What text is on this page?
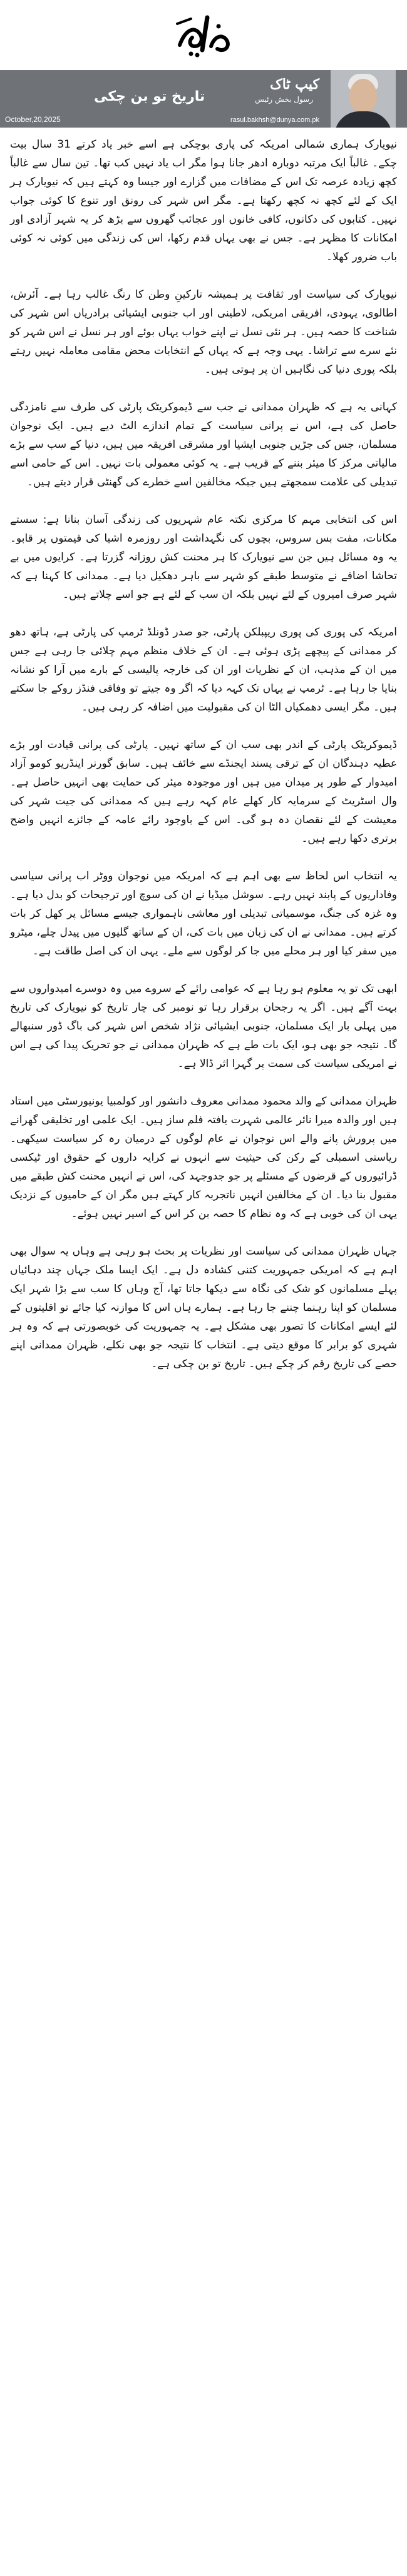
کیپ ٹاک
رسول بخش رئیس
تاریخ تو بن چکی
October,20,2025	rasul.bakhsh@dunya.com.pk

نیویارک ہماری شمالی امریکہ کی پاری بوچکی ہے اسے خبر یاد کرتے 31 سال بیت چکے۔ غالباً ایک مرتبہ دوبارہ ادھر جانا ہوا مگر اب یاد نہیں کب تھا۔ تین سال سے غالباً کچھ زیادہ عرصہ تک اس کے مضافات میں گزارے اور جیسا وہ کہتے ہیں کہ نیویارک ہر ایک کے لئے کچھ نہ کچھ رکھتا ہے۔ مگر اس شہر کی رونق اور تنوع کا کوئی جواب نہیں۔ کتابوں کی دکانوں، کافی خانوں اور عجائب گھروں سے بڑھ کر یہ شہر آزادی اور امکانات کا مظہر ہے۔ جس نے بھی یہاں قدم رکھا، اس کی زندگی میں کوئی نہ کوئی باب ضرور کھلا۔

نیویارک کی سیاست اور ثقافت پر ہمیشہ تارکینِ وطن کا رنگ غالب رہا ہے۔ آئرش، اطالوی، یہودی، افریقی امریکی، لاطینی اور اب جنوبی ایشیائی برادریاں اس شہر کی شناخت کا حصہ ہیں۔ ہر نئی نسل نے اپنے خواب یہاں بوئے اور ہر نسل نے اس شہر کو نئے سرے سے تراشا۔ یہی وجہ ہے کہ یہاں کے انتخابات محض مقامی معاملہ نہیں رہتے بلکہ پوری دنیا کی نگاہیں ان پر ہوتی ہیں۔

کہانی یہ ہے کہ ظہران ممدانی نے جب سے ڈیموکریٹک پارٹی کی طرف سے نامزدگی حاصل کی ہے، اس نے پرانی سیاست کے تمام اندازے الٹ دیے ہیں۔ ایک نوجوان مسلمان، جس کی جڑیں جنوبی ایشیا اور مشرقی افریقہ میں ہیں، دنیا کے سب سے بڑے مالیاتی مرکز کا میئر بننے کے قریب ہے۔ یہ کوئی معمولی بات نہیں۔ اس کے حامی اسے تبدیلی کی علامت سمجھتے ہیں جبکہ مخالفین اسے خطرے کی گھنٹی قرار دیتے ہیں۔

اس کی انتخابی مہم کا مرکزی نکتہ عام شہریوں کی زندگی آسان بنانا ہے: سستے مکانات، مفت بس سروس، بچوں کی نگہداشت اور روزمرہ اشیا کی قیمتوں پر قابو۔ یہ وہ مسائل ہیں جن سے نیویارک کا ہر محنت کش روزانہ گزرتا ہے۔ کرایوں میں بے تحاشا اضافے نے متوسط طبقے کو شہر سے باہر دھکیل دیا ہے۔ ممدانی کا کہنا ہے کہ شہر صرف امیروں کے لئے نہیں بلکہ ان سب کے لئے ہے جو اسے چلاتے ہیں۔

امریکہ کی پوری کی پوری ریپبلکن پارٹی، جو صدر ڈونلڈ ٹرمپ کی پارٹی ہے، ہاتھ دھو کر ممدانی کے پیچھے پڑی ہوئی ہے۔ ان کے خلاف منظم مہم چلائی جا رہی ہے جس میں ان کے مذہب، ان کے نظریات اور ان کی خارجہ پالیسی کے بارے میں آرا کو نشانہ بنایا جا رہا ہے۔ ٹرمپ نے یہاں تک کہہ دیا کہ اگر وہ جیتے تو وفاقی فنڈز روکے جا سکتے ہیں۔ مگر ایسی دھمکیاں الٹا ان کی مقبولیت میں اضافہ کر رہی ہیں۔

ڈیموکریٹک پارٹی کے اندر بھی سب ان کے ساتھ نہیں۔ پارٹی کی پرانی قیادت اور بڑے عطیہ دہندگان ان کے ترقی پسند ایجنڈے سے خائف ہیں۔ سابق گورنر اینڈریو کومو آزاد امیدوار کے طور پر میدان میں ہیں اور موجودہ میئر کی حمایت بھی انہیں حاصل ہے۔ وال اسٹریٹ کے سرمایہ کار کھلے عام کہہ رہے ہیں کہ ممدانی کی جیت شہر کی معیشت کے لئے نقصان دہ ہو گی۔ اس کے باوجود رائے عامہ کے جائزے انہیں واضح برتری دکھا رہے ہیں۔

یہ انتخاب اس لحاظ سے بھی اہم ہے کہ امریکہ میں نوجوان ووٹر اب پرانی سیاسی وفاداریوں کے پابند نہیں رہے۔ سوشل میڈیا نے ان کی سوچ اور ترجیحات کو بدل دیا ہے۔ وہ غزہ کی جنگ، موسمیاتی تبدیلی اور معاشی ناہمواری جیسے مسائل پر کھل کر بات کرتے ہیں۔ ممدانی نے ان کی زبان میں بات کی، ان کے ساتھ گلیوں میں پیدل چلے، میٹرو میں سفر کیا اور ہر محلے میں جا کر لوگوں سے ملے۔ یہی ان کی اصل طاقت ہے۔

ابھی تک تو یہ معلوم ہو رہا ہے کہ عوامی رائے کے سروے میں وہ دوسرے امیدواروں سے بہت آگے ہیں۔ اگر یہ رجحان برقرار رہا تو نومبر کی چار تاریخ کو نیویارک کی تاریخ میں پہلی بار ایک مسلمان، جنوبی ایشیائی نژاد شخص اس شہر کی باگ ڈور سنبھالے گا۔ نتیجہ جو بھی ہو، ایک بات طے ہے کہ ظہران ممدانی نے جو تحریک پیدا کی ہے اس نے امریکی سیاست کی سمت پر گہرا اثر ڈالا ہے۔

ظہران ممدانی کے والد محمود ممدانی معروف دانشور اور کولمبیا یونیورسٹی میں استاد ہیں اور والدہ میرا نائر عالمی شہرت یافتہ فلم ساز ہیں۔ ایک علمی اور تخلیقی گھرانے میں پرورش پانے والے اس نوجوان نے عام لوگوں کے درمیان رہ کر سیاست سیکھی۔ ریاستی اسمبلی کے رکن کی حیثیت سے انہوں نے کرایہ داروں کے حقوق اور ٹیکسی ڈرائیوروں کے قرضوں کے مسئلے پر جو جدوجہد کی، اس نے انہیں محنت کش طبقے میں مقبول بنا دیا۔ ان کے مخالفین انہیں ناتجربہ کار کہتے ہیں مگر ان کے حامیوں کے نزدیک یہی ان کی خوبی ہے کہ وہ نظام کا حصہ بن کر اس کے اسیر نہیں ہوئے۔

جہاں ظہران ممدانی کی سیاست اور نظریات پر بحث ہو رہی ہے وہاں یہ سوال بھی اہم ہے کہ امریکی جمہوریت کتنی کشادہ دل ہے۔ ایک ایسا ملک جہاں چند دہائیاں پہلے مسلمانوں کو شک کی نگاہ سے دیکھا جاتا تھا، آج وہاں کا سب سے بڑا شہر ایک مسلمان کو اپنا رہنما چننے جا رہا ہے۔ ہمارے ہاں اس کا موازنہ کیا جائے تو اقلیتوں کے لئے ایسے امکانات کا تصور بھی مشکل ہے۔ یہ جمہوریت کی خوبصورتی ہے کہ وہ ہر شہری کو برابر کا موقع دیتی ہے۔ انتخاب کا نتیجہ جو بھی نکلے، ظہران ممدانی اپنے حصے کی تاریخ رقم کر چکے ہیں۔ تاریخ تو بن چکی ہے۔
